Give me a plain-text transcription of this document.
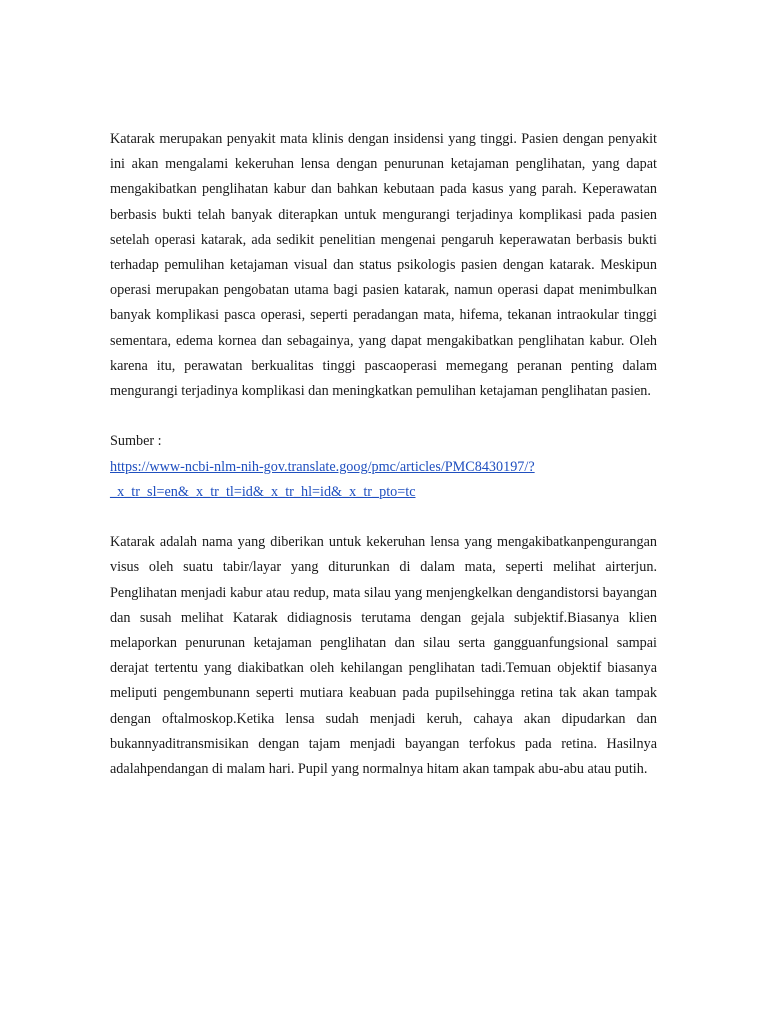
Katarak merupakan penyakit mata klinis dengan insidensi yang tinggi. Pasien dengan penyakit ini akan mengalami kekeruhan lensa dengan penurunan ketajaman penglihatan, yang dapat mengakibatkan penglihatan kabur dan bahkan kebutaan pada kasus yang parah. Keperawatan berbasis bukti telah banyak diterapkan untuk mengurangi terjadinya komplikasi pada pasien setelah operasi katarak, ada sedikit penelitian mengenai pengaruh keperawatan berbasis bukti terhadap pemulihan ketajaman visual dan status psikologis pasien dengan katarak. Meskipun operasi merupakan pengobatan utama bagi pasien katarak, namun operasi dapat menimbulkan banyak komplikasi pasca operasi, seperti peradangan mata, hifema, tekanan intraokular tinggi sementara, edema kornea dan sebagainya, yang dapat mengakibatkan penglihatan kabur. Oleh karena itu, perawatan berkualitas tinggi pascaoperasi memegang peranan penting dalam mengurangi terjadinya komplikasi dan meningkatkan pemulihan ketajaman penglihatan pasien.

Sumber :

https://www-ncbi-nlm-nih-gov.translate.goog/pmc/articles/PMC8430197/?
_x_tr_sl=en&_x_tr_tl=id&_x_tr_hl=id&_x_tr_pto=tc

Katarak adalah nama yang diberikan untuk kekeruhan lensa yang mengakibatkanpengurangan visus oleh suatu tabir/layar yang diturunkan di dalam mata, seperti melihat airterjun. Penglihatan menjadi kabur atau redup, mata silau yang menjengkelkan dengandistorsi bayangan dan susah melihat Katarak didiagnosis terutama dengan gejala subjektif.Biasanya klien melaporkan penurunan ketajaman penglihatan dan silau serta gangguanfungsional sampai derajat tertentu yang diakibatkan oleh kehilangan penglihatan tadi.Temuan objektif biasanya meliputi pengembunann seperti mutiara keabuan pada pupilsehingga retina tak akan tampak dengan oftalmoskop.Ketika lensa sudah menjadi keruh, cahaya akan dipudarkan dan bukannyaditransmisikan dengan tajam menjadi bayangan terfokus pada retina. Hasilnya adalahpendangan di malam hari. Pupil yang normalnya hitam akan tampak abu-abu atau putih.
